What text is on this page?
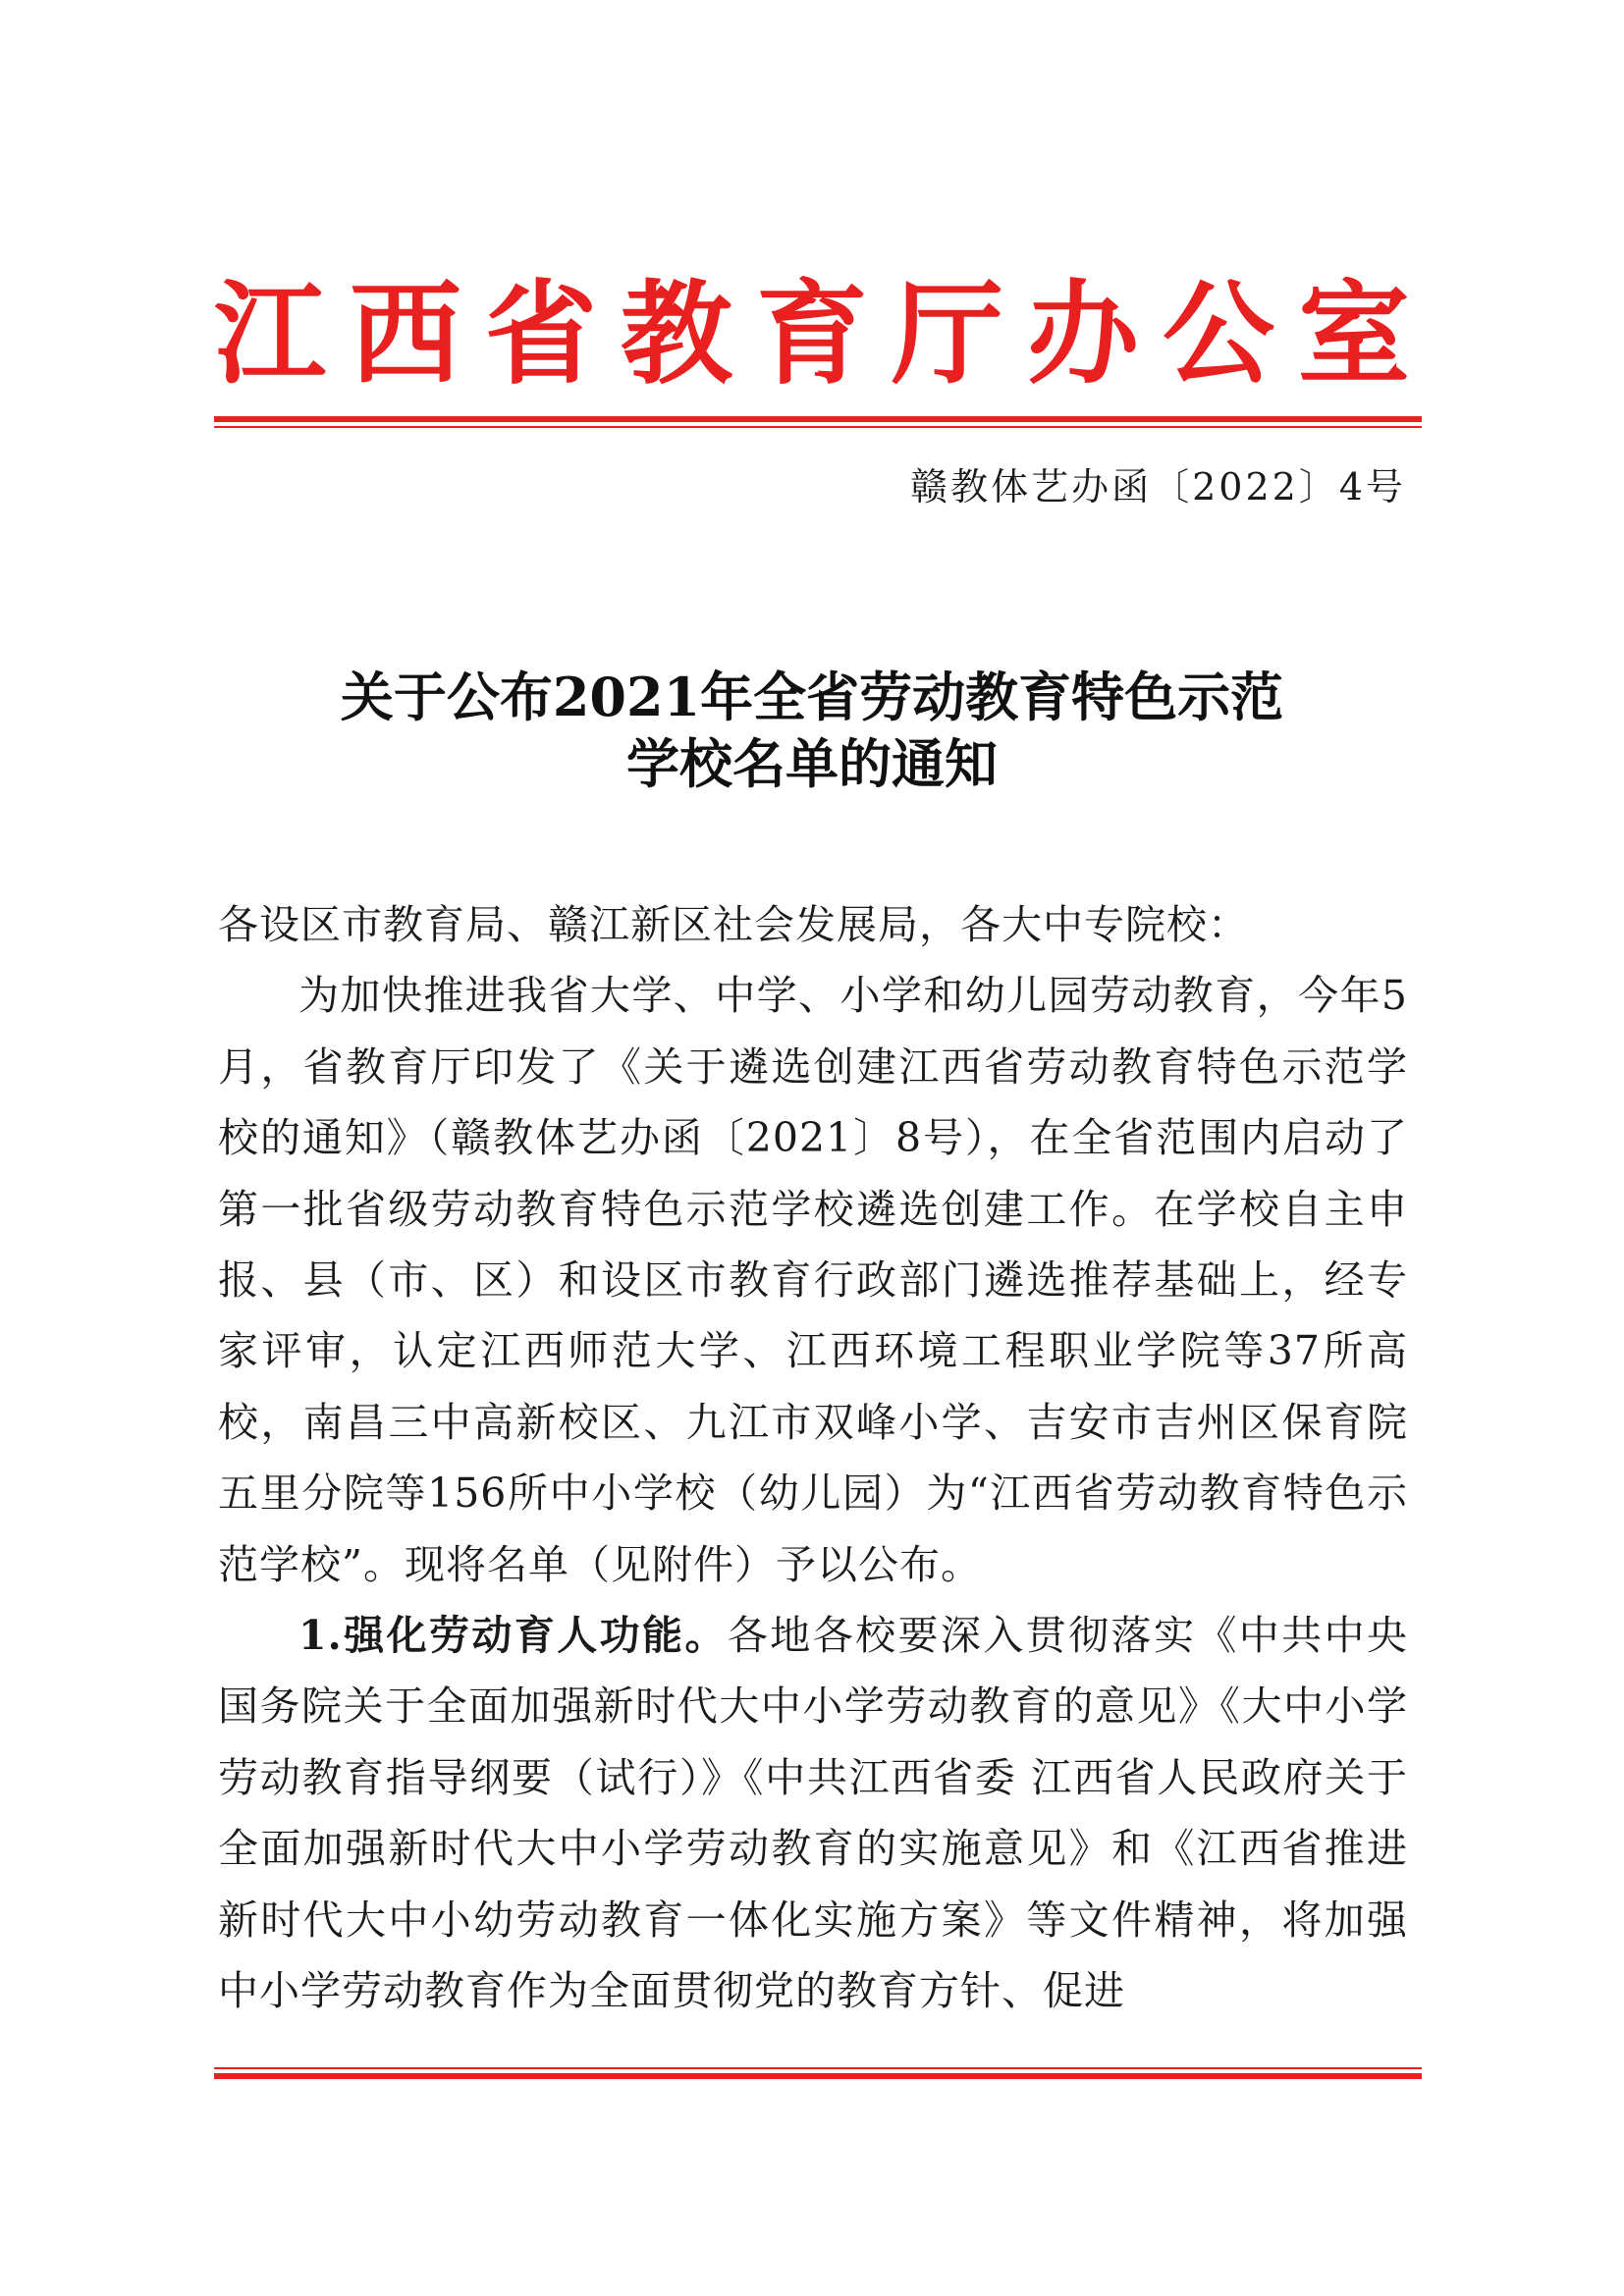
江西省教育厅办公室
赣教体艺办函〔2022〕4号
关于公布2021年全省劳动教育特色示范
学校名单的通知

各设区市教育局、赣江新区社会发展局，各大中专院校：

为加快推进我省大学、中学、小学和幼儿园劳动教育，今年5月，省教育厅印发了《关于遴选创建江西省劳动教育特色示范学校的通知》（赣教体艺办函〔2021〕8号），在全省范围内启动了第一批省级劳动教育特色示范学校遴选创建工作。在学校自主申报、县（市、区）和设区市教育行政部门遴选推荐基础上，经专家评审，认定江西师范大学、江西环境工程职业学院等37所高校，南昌三中高新校区、九江市双峰小学、吉安市吉州区保育院五里分院等156所中小学校（幼儿园）为“江西省劳动教育特色示范学校”。现将名单（见附件）予以公布。

1.强化劳动育人功能。各地各校要深入贯彻落实《中共中央 国务院关于全面加强新时代大中小学劳动教育的意见》《大中小学劳动教育指导纲要（试行）》《中共江西省委 江西省人民政府关于全面加强新时代大中小学劳动教育的实施意见》和《江西省推进新时代大中小幼劳动教育一体化实施方案》等文件精神，将加强中小学劳动教育作为全面贯彻党的教育方针、促进
